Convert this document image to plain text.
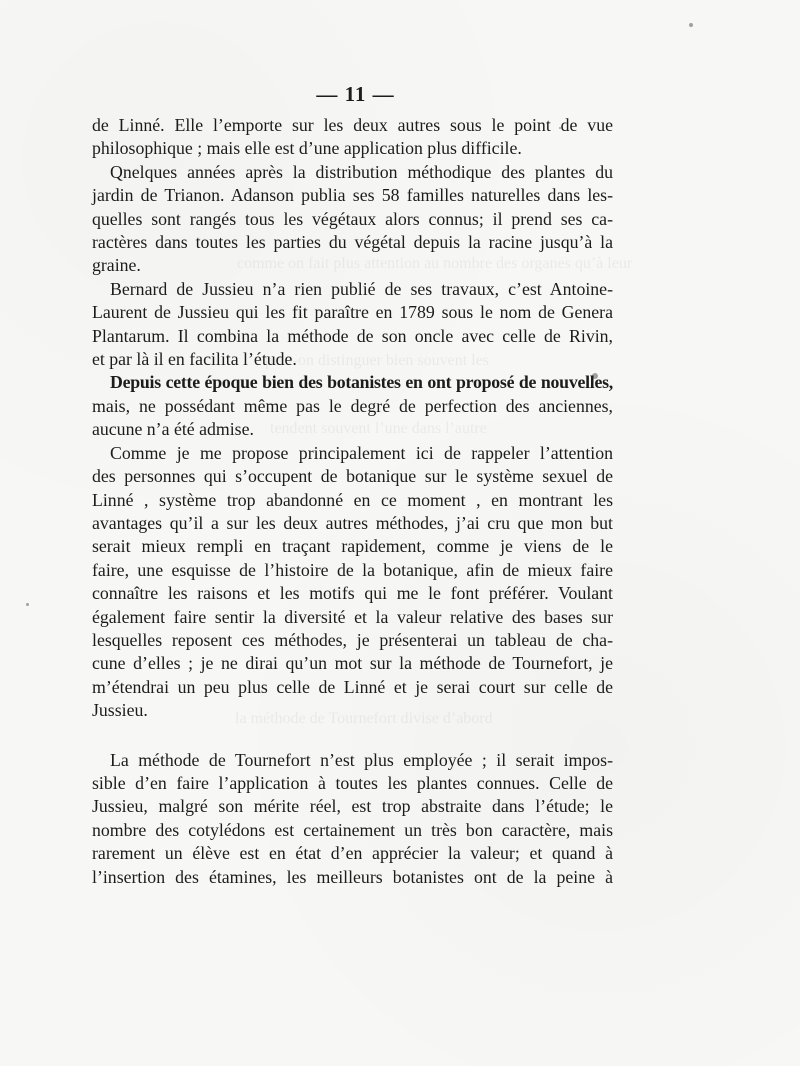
comme on fait plus attention au nombre des organes qu’à leur
peut-on distinguer bien souvent les
tendent souvent l’une dans l’autre
la méthode de Tournefort divise d’abord
— 11 —
de Linné. Elle l’emporte sur les deux autres sous le point de vue
philosophique ; mais elle est d’une application plus difficile.
Qnelques années après la distribution méthodique des plantes du
jardin de Trianon. Adanson publia ses 58 familles naturelles dans les-
quelles sont rangés tous les végétaux alors connus; il prend ses ca-
ractères dans toutes les parties du végétal depuis la racine jusqu’à la
graine.
Bernard de Jussieu n’a rien publié de ses travaux, c’est Antoine-
Laurent de Jussieu qui les fit paraître en 1789 sous le nom de Genera
Plantarum. Il combina la méthode de son oncle avec celle de Rivin,
et par là il en facilita l’étude.
Depuis cette époque bien des botanistes en ont proposé de nouvelles,
mais, ne possédant même pas le degré de perfection des anciennes,
aucune n’a été admise.
Comme je me propose principalement ici de rappeler l’attention
des personnes qui s’occupent de botanique sur le système sexuel de
Linné , système trop abandonné en ce moment , en montrant les
avantages qu’il a sur les deux autres méthodes, j’ai cru que mon but
serait mieux rempli en traçant rapidement, comme je viens de le
faire, une esquisse de l’histoire de la botanique, afin de mieux faire
connaître les raisons et les motifs qui me le font préférer. Voulant
également faire sentir la diversité et la valeur relative des bases sur
lesquelles reposent ces méthodes, je présenterai un tableau de cha-
cune d’elles ; je ne dirai qu’un mot sur la méthode de Tournefort, je
m’étendrai un peu plus celle de Linné et je serai court sur celle de
Jussieu.
La méthode de Tournefort n’est plus employée ; il serait impos-
sible d’en faire l’application à toutes les plantes connues. Celle de
Jussieu, malgré son mérite réel, est trop abstraite dans l’étude; le
nombre des cotylédons est certainement un très bon caractère, mais
rarement un élève est en état d’en apprécier la valeur; et quand à
l’insertion des étamines, les meilleurs botanistes ont de la peine à
